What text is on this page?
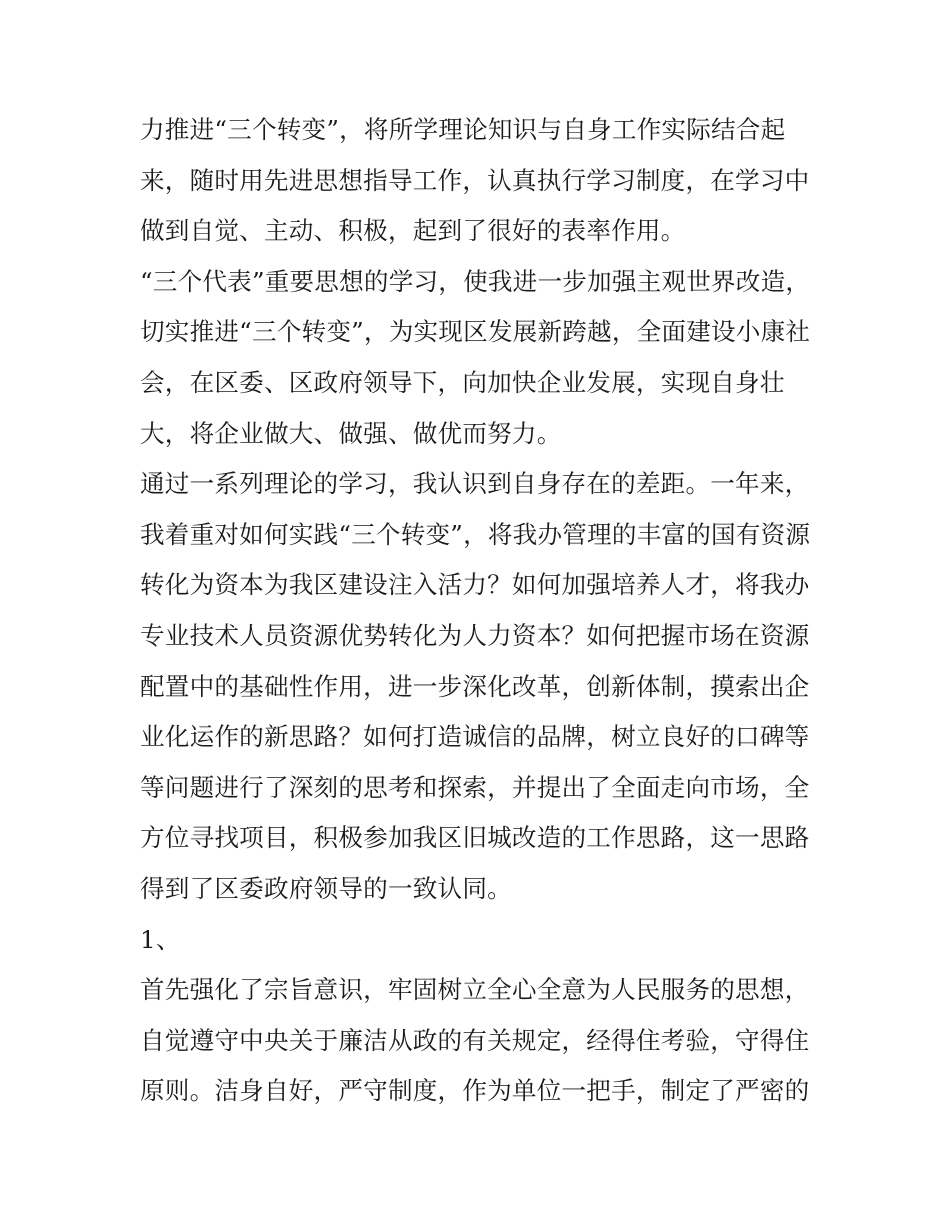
力推进“三个转变”，将所学理论知识与自身工作实际结合起
来，随时用先进思想指导工作，认真执行学习制度，在学习中
做到自觉、主动、积极，起到了很好的表率作用。
“三个代表”重要思想的学习，使我进一步加强主观世界改造，
切实推进“三个转变”，为实现区发展新跨越，全面建设小康社
会，在区委、区政府领导下，向加快企业发展，实现自身壮
大，将企业做大、做强、做优而努力。
通过一系列理论的学习，我认识到自身存在的差距。一年来，
我着重对如何实践“三个转变”，将我办管理的丰富的国有资源
转化为资本为我区建设注入活力？如何加强培养人才，将我办
专业技术人员资源优势转化为人力资本？如何把握市场在资源
配置中的基础性作用，进一步深化改革，创新体制，摸索出企
业化运作的新思路？如何打造诚信的品牌，树立良好的口碑等
等问题进行了深刻的思考和探索，并提出了全面走向市场，全
方位寻找项目，积极参加我区旧城改造的工作思路，这一思路
得到了区委政府领导的一致认同。
1、
首先强化了宗旨意识，牢固树立全心全意为人民服务的思想，
自觉遵守中央关于廉洁从政的有关规定，经得住考验，守得住
原则。洁身自好，严守制度，作为单位一把手，制定了严密的
